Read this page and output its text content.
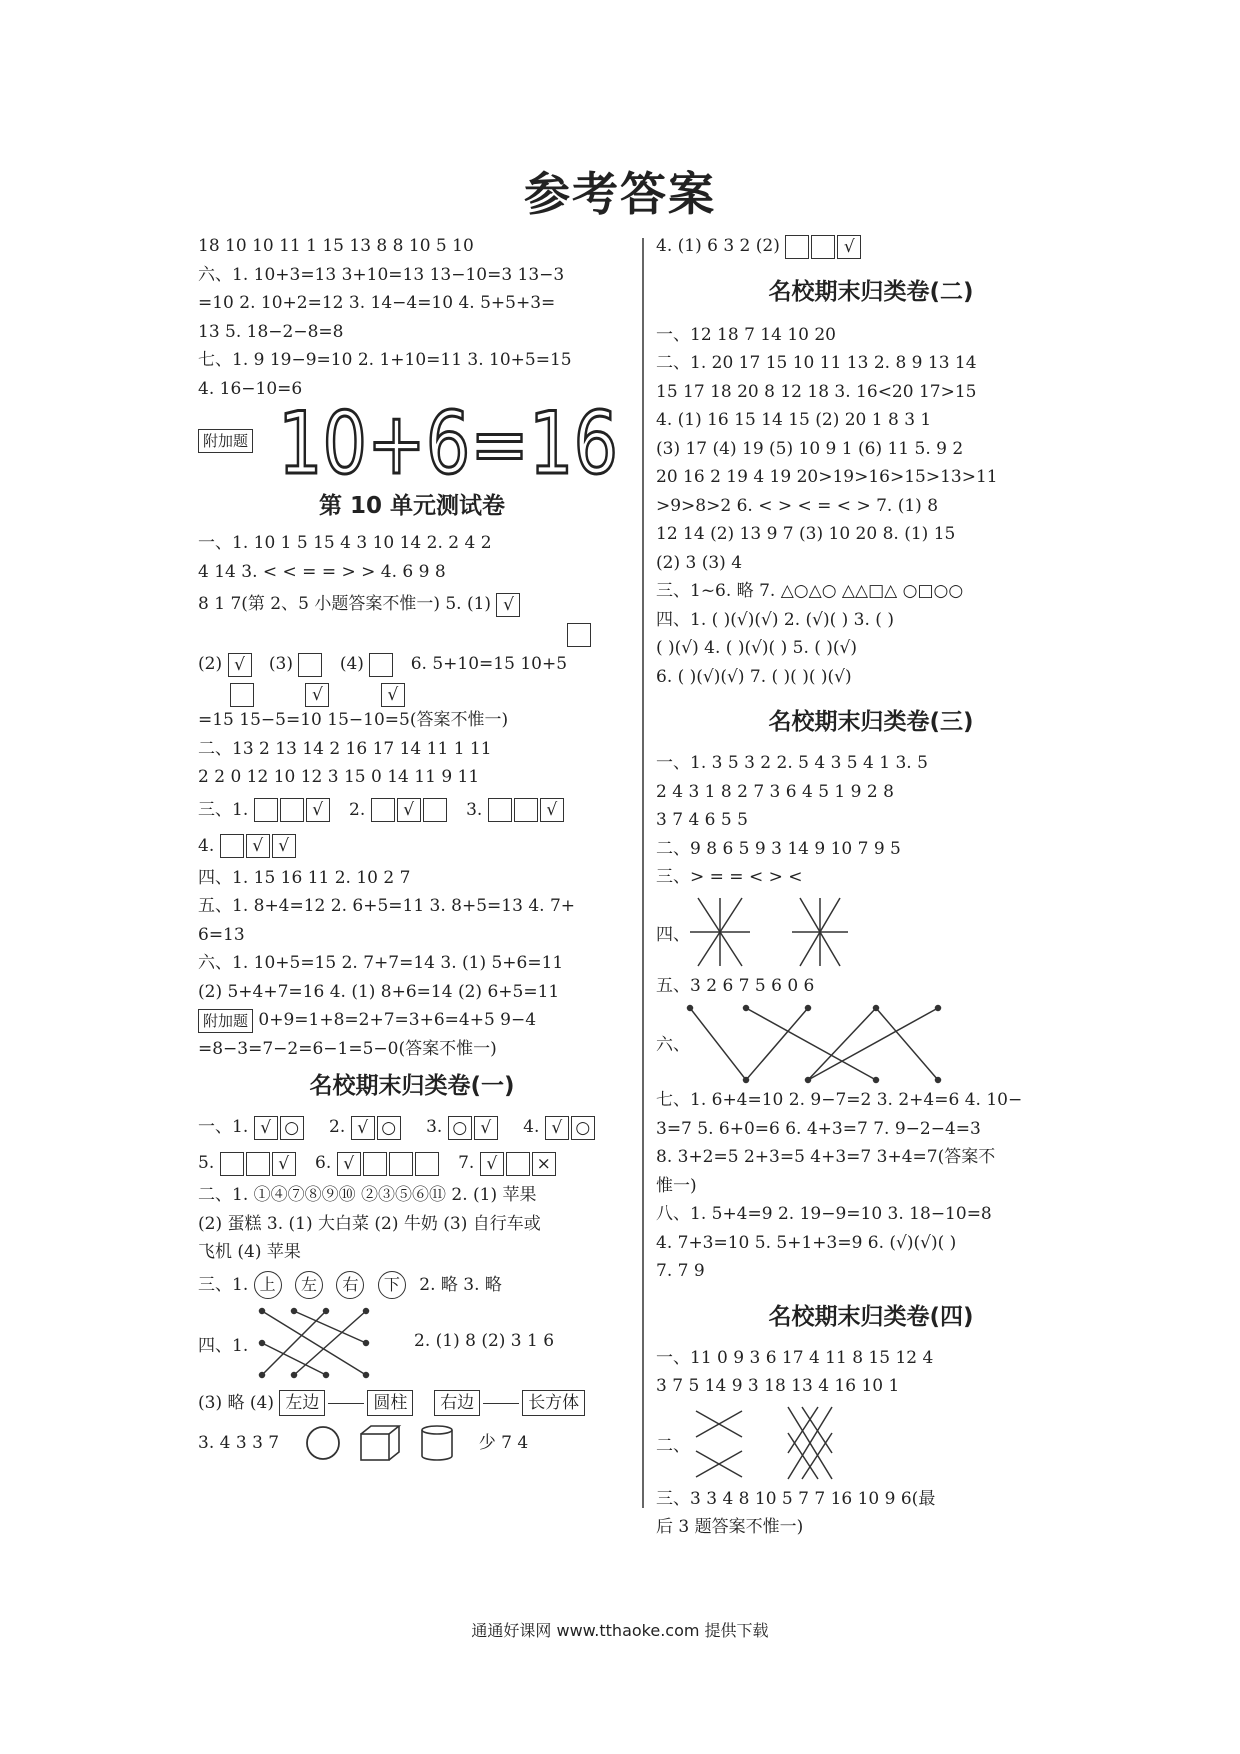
参考答案
18 10 10 11 1 15 13 8 8 10 5 10
六、1. 10+3=13 3+10=13 13−10=3 13−3
=10 2. 10+2=12 3. 14−4=10 4. 5+5+3=
13 5. 18−2−8=8
七、1. 9 19−9=10 2. 1+10=11 3. 10+5=15
4. 16−10=6
附加题 10+6=16
第 10 单元测试卷
一、1. 10 1 5 15 4 3 10 14 2. 2 4 2
4 14 3. < < = = > > 4. 6 9 8
8 1 7(第 2、5 小题答案不惟一) 5. (1) √
(2) √ (3)	(4)	6. 5+10=15 10+5
√	√
=15 15−5=10 15−10=5(答案不惟一)
二、13 2 13 14 2 16 17 14 11 1 11
2 2 0 12 10 12 3 15 0 14 11 9 11
三、1.	√ 2. √	3.	√
4. √ √
四、1. 15 16 11 2. 10 2 7
五、1. 8+4=12 2. 6+5=11 3. 8+5=13 4. 7+
6=13
六、1. 10+5=15 2. 7+7=14 3. (1) 5+6=11
(2) 5+4+7=16 4. (1) 8+6=14 (2) 6+5=11
附加题 0+9=1+8=2+7=3+6=4+5 9−4
=8−3=7−2=6−1=5−0(答案不惟一)
名校期末归类卷(一)
一、1. √ ○ 2. √ ○ 3. ○ √ 4. √ ○
5.	√ 6. √	7. √ ×
二、1. ①④⑦⑧⑨⑩ ②③⑤⑥⑪ 2. (1) 苹果
(2) 蛋糕 3. (1) 大白菜 (2) 牛奶 (3) 自行车或
飞机 (4) 苹果
三、1. 上 左 右 下 2. 略 3. 略
四、1.	2. (1) 8 (2) 3 1 6
(3) 略 (4) 左边	圆柱 右边	长方体
3. 4 3 3 7	少 7 4
4. (1) 6 3 2 (2)	√
名校期末归类卷(二)
一、12 18 7 14 10 20
二、1. 20 17 15 10 11 13 2. 8 9 13 14
15 17 18 20 8 12 18 3. 16<20 17>15
4. (1) 16 15 14 15 (2) 20 1 8 3 1
(3) 17 (4) 19 (5) 10 9 1 (6) 11 5. 9 2
20 16 2 19 4 19 20>19>16>15>13>11
>9>8>2 6. < > < = < > 7. (1) 8
12 14 (2) 13 9 7 (3) 10 20 8. (1) 15
(2) 3 (3) 4
三、1~6. 略 7. △○△○ △△□△ ○□○○
四、1. ( )(√)(√) 2. (√)( ) 3. ( )
( )(√) 4. ( )(√)( ) 5. ( )(√)
6. ( )(√)(√) 7. ( )( )( )(√)
名校期末归类卷(三)
一、1. 3 5 3 2 2. 5 4 3 5 4 1 3. 5
2 4 3 1 8 2 7 3 6 4 5 1 9 2 8
3 7 4 6 5 5
二、9 8 6 5 9 3 14 9 10 7 9 5
三、> = = < > <
四、
五、3 2 6 7 5 6 0 6
六、
七、1. 6+4=10 2. 9−7=2 3. 2+4=6 4. 10−
3=7 5. 6+0=6 6. 4+3=7 7. 9−2−4=3
8. 3+2=5 2+3=5 4+3=7 3+4=7(答案不
惟一)
八、1. 5+4=9 2. 19−9=10 3. 18−10=8
4. 7+3=10 5. 5+1+3=9 6. (√)(√)( )
7. 7 9
名校期末归类卷(四)
一、11 0 9 3 6 17 4 11 8 15 12 4
3 7 5 14 9 3 18 13 4 16 10 1
二、
三、3 3 4 8 10 5 7 7 16 10 9 6(最
后 3 题答案不惟一)
通通好课网 www.tthaoke.com 提供下载
